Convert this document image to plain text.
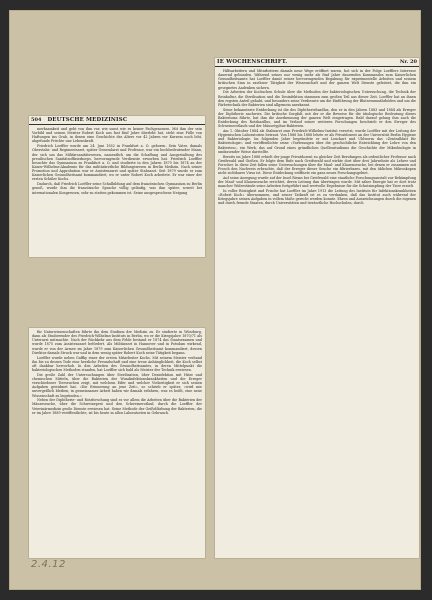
504 DEUTSCHE MEDIZINISC

merksamkeit und geht von ihm vor, wie sonst wie es keiner Fachgenossen. Mit ihm der sein Vorbild und seinen Meister Robert Koch aus fast fünf Jahre überlebt hat, steht eine Fülle von Haftungen ins Grab, in denen eine Geschichte des Alters vor 42 Jahren vor Kurzem noch lebt, abgefunde Früchte une Lebenskraft.

Friedrich Loeffler wurde am 24. Juni 1852 in Frankfurt a. O. geboren. Sein Vater, damals Oberstabs- und Regimentsarzt, später Generalarzt und Professor, war ein hochbedeutender Mann, der sich um das Militärsanitätswesen, namentlich um die Schaffung und Ausgestaltung des preußischen Sanitätsoffizierkorps, hervorragende Verdienste erworben hat. Friedrich Loeffler besuchte das Gymnasium zu Frankfurt a. O. und studierte in den Jahren 1870 bis 1874 an der Kaiser-Wilhelms-Akademie für das militärärztliche Bildungswesen in Berlin Medizin. Nach seiner Promotion und Approbation war er Assistenzarzt und später Stabsarzt. Seit 1879 wurde er zum Kaiserlichen Gesundheitsamt kommandiert, wo er unter Robert Koch arbeitete. Er war einer der ersten Schüler Kochs.

Dadurch, daß Friedrich Loeffler seine Schulbildung auf dem französischen Gymnasium zu Berlin genoß, wurde ihm die französische Sprache völlig geläufig, was ihm später, soweit bei internationalen Kongressen, sehr zu statten gekommen ist. Seine ausgesprochene Neigung

IE WOCHENSCHRIFT.	Nr. 20

Hilfsarbeitern und Mitarbeitern damals neue Wege eröffnet waren, bot sich in der Folge Loefflers Interesse dauernd gebunden. Während seines nur wenig mehr als fünf Jahre dauernden Kommandos zum Kaiserlichen Gesundheitsamte hat Loeffler damit seiner hervorragenden Begabung für experimentelle Arbeiten und seinem kritischen Sinn in rastloser Tätigkeit der Wissenschaft und der ganzen Welt Dienste geleistet, die ihm ein gesegnetes Andenken sichern.

Die Arbeiten der Kochschen Schule über die Methoden der bakteriologischen Untersuchung, die Technik der Reinkultur, die Sterilisation und die Desinfektion stammen zum großen Teil aus dieser Zeit. Loeffler hat an ihnen den regsten Anteil gehabt, und besonders seine Verdienste um die Einführung der Blutserumnährböden und um die Färbetechnik der Bakterien sind allgemein anerkannt.

Seine bekannteste Entdeckung ist die des Diphtheriebazillus, den er in den Jahren 1883 und 1884 als Erreger der Diphtherie nachwies. Die kritische Sorgfalt, mit der er die Beweise für die ätiologische Bedeutung dieses Bakteriums führte, hat ihm die Anerkennung der ganzen Welt eingetragen. Bald darauf gelang ihm auch die Entdeckung des Rotzbazillus, und im Verlauf seiner weiteren Forschungen beschrieb er den Erreger des Schweinerotlaufs und der Mäusetyphus-Bakterien.

Am 1. Oktober 1884 als Stabsarzt zum Friedrich-Wilhelms-Institut versetzt, wurde Loeffler mit der Leitung der Hygienischen Laboratorien betraut. Von 1886 bis 1888 lehrte er als Privatdozent an der Universität Berlin Hygiene und Bakteriologie. Im folgenden Jahre begründete er mit Leuckart und Uhlworm das »Zentralblatt für Bakteriologie« und veröffentlichte seine »Vorlesungen über die geschichtliche Entwicklung der Lehre von den Bakterien«, ein Werk, das auf Grund eines gründlichen Quellenstudiums die Geschichte der Mikrobiologie in umfassender Weise darstellte.

Bereits im Jahre 1888 erhielt der junge Privatdozent zu gleicher Zeit Berufungen als ordentlicher Professor nach Greifswald und Gießen. Er folgte dem Rufe nach Greifswald und wirkte dort über drei Jahrzehnte als Lehrer und Forscher. In diese Zeit fallen seine Untersuchungen über die Maul- und Klauenseuche, bei denen er zusammen mit Frosch den Nachweis erbrachte, daß der Erreger dieser Seuche ein filtrierbares, mit den üblichen Mikroskopen nicht sichtbares Virus ist. Diese Entdeckung eröffnete ein ganz neues Forschungsgebiet.

Auf seine Anregung wurde auf der Insel Riems bei Greifswald eine staatliche Forschungsanstalt zur Bekämpfung der Maul- und Klauenseuche errichtet, deren Leitung ihm übertragen wurde. Mit zäher Energie hat er dort trotz mancher Widerstände seine Arbeiten fortgeführt und wertvolle Ergebnisse für die Schutzimpfung der Tiere erzielt.

In voller Rüstigkeit und Frische hat Loeffler im Jahre 1913 die Leitung des Instituts für Infektionskrankheiten »Robert Koch« übernommen, und seiner Tatkraft ist es zu verdanken, daß das Institut auch während der Kriegsjahre seinen Aufgaben in vollem Maße gerecht werden konnte. Ehren und Auszeichnungen durch die eigenen und durch fremde Staaten, durch Universitäten und tierärztliche Hochschulen, durch

für Naturwissenschaften führte ihn dem Studium der Medizin zu. Er studierte in Würzburg, dann als Studierender des Friedrich-Wilhelms-Instituts in Berlin, wo er die Kriegsjahre 1870/71 als Unterarzt mitmachte. Nach der Rückkehr aus dem Felde bestand er 1874 das Staatsexamen und wurde 1875 zum Assistenzarzt befördert. Als Militärarzt in Hannover und in Potsdam wirkend, wurde er von der Armee im Jahre 1879 zum Kaiserlichen Gesundheitsamt kommandiert, dessen Direktor damals Struck war und in dem wenig später Robert Koch seine Tätigkeit begann.

Loeffler wurde neben Gaffky einer der ersten Mitarbeiter Kochs. Mit seinem Meister verband ihn bis zu dessen Tode eine herzliche Freundschaft und eine treue Anhänglichkeit, die Koch selbst oft dankbar hervorhob. In den Arbeiten des Gesundheitsamtes, in deren Mittelpunkt die bakteriologischen Methoden standen, hat Loeffler sich bald als Meister der Technik erwiesen.

Die große Zahl der Untersuchungen über Sterilisation, über Desinfektion mit Hitze und chemischen Mitteln, über die Bakterien der Wundinfektionskrankheiten und die Erreger verschiedener Tierseuchen zeigt, mit welchem Eifer und welcher Vielseitigkeit er sich seinen Aufgaben gewidmet hat. »Die Erinnerung an jene Zeit«, so schrieb er später, »wird mir unvergeßlich bleiben; in gemeinsamer Arbeit haben wir damals erfahren, was es heißt, eine neue Wissenschaft zu begründen.«

Neben der Diphtherie- und Rotzforschung sind es vor allem die Arbeiten über die Bakterien der Mäuseseuche, über die Schweinepest und den Schweinerotlauf, durch die Loeffler der Veterinärmedizin große Dienste erwiesen hat. Seine Methode der Geißelfärbung der Bakterien, die er im Jahre 1889 veröffentlichte, ist bis heute in allen Laboratorien in Gebrauch.

2.4.12
